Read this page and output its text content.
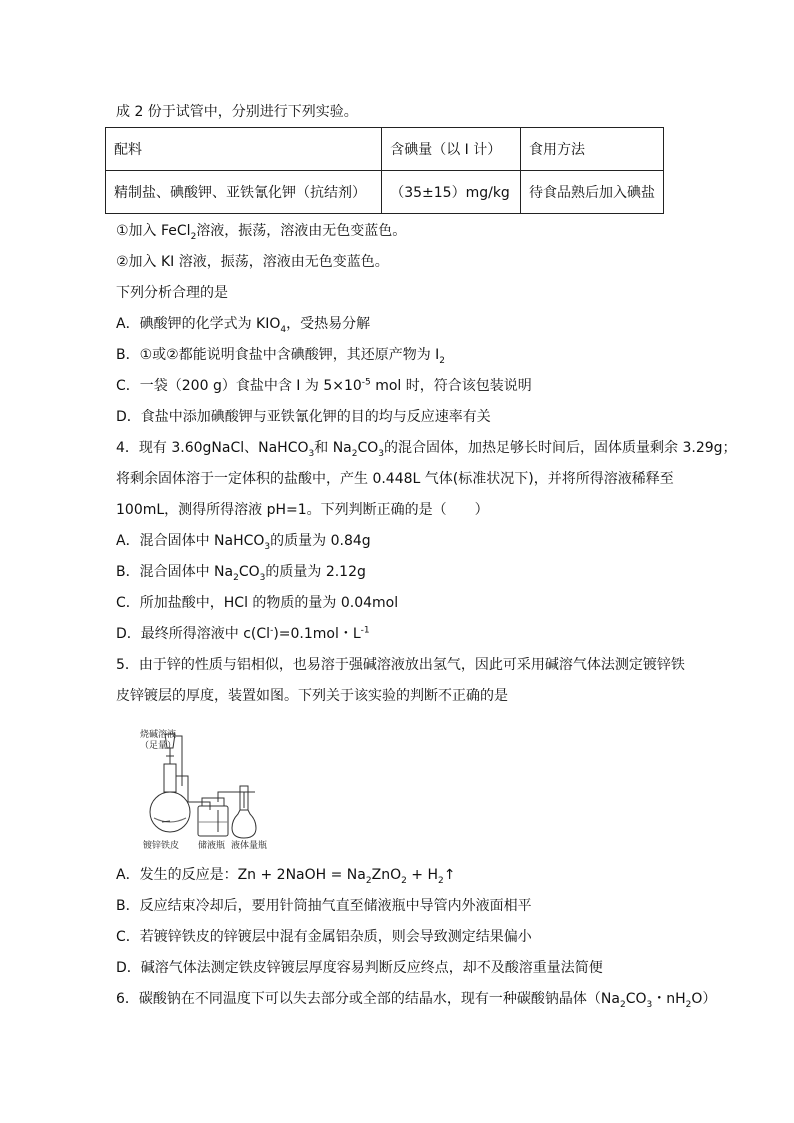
成 2 份于试管中，分别进行下列实验。
配料	含碘量（以 I 计）	食用方法
精制盐、碘酸钾、亚铁氰化钾（抗结剂）	（35±15）mg/kg	待食品熟后加入碘盐
①加入 FeCl$_2$溶液，振荡，溶液由无色变蓝色。
②加入 KI 溶液，振荡，溶液由无色变蓝色。
下列分析合理的是
A．碘酸钾的化学式为 $KIO_4$，受热易分解
B．①或②都能说明食盐中含碘酸钾，其还原产物为 $I_2$
C．一袋（200 g）食盐中含 I 为 $5\times 10^{-5}$ mol 时，符合该包装说明
D．食盐中添加碘酸钾与亚铁氰化钾的目的均与反应速率有关
4．现有 3.60gNaCl、NaHCO$_3$和 $Na_2CO_3$的混合固体，加热足够长时间后，固体质量剩余 3.29g；
将剩余固体溶于一定体积的盐酸中，产生 0.448L 气体(标准状况下)，并将所得溶液稀释至
100mL，测得所得溶液 pH=1。下列判断正确的是（　　）
A．混合固体中 NaHCO$_3$的质量为 0.84g
B．混合固体中 $Na_2CO_3$的质量为 2.12g
C．所加盐酸中，HCl 的物质的量为 0.04mol
D．最终所得溶液中 c(Cl-)=0.1mol・$L^{-1}$
5．由于锌的性质与铝相似，也易溶于强碱溶液放出氢气，因此可采用碱溶气体法测定镀锌铁
皮锌镀层的厚度，装置如图。下列关于该实验的判断不正确的是
烧碱溶液
（足量）
镀锌铁皮 储液瓶 液体量瓶
A．发生的反应是：Zn + 2NaOH = $Na_2ZnO_2$ + $H_2↑$
B．反应结束冷却后，要用针筒抽气直至储液瓶中导管内外液面相平
C．若镀锌铁皮的锌镀层中混有金属铝杂质，则会导致测定结果偏小
D．碱溶气体法测定铁皮锌镀层厚度容易判断反应终点，却不及酸溶重量法简便
6．碳酸钠在不同温度下可以失去部分或全部的结晶水，现有一种碳酸钠晶体（$Na_2CO_3$・$nH_2O$）
